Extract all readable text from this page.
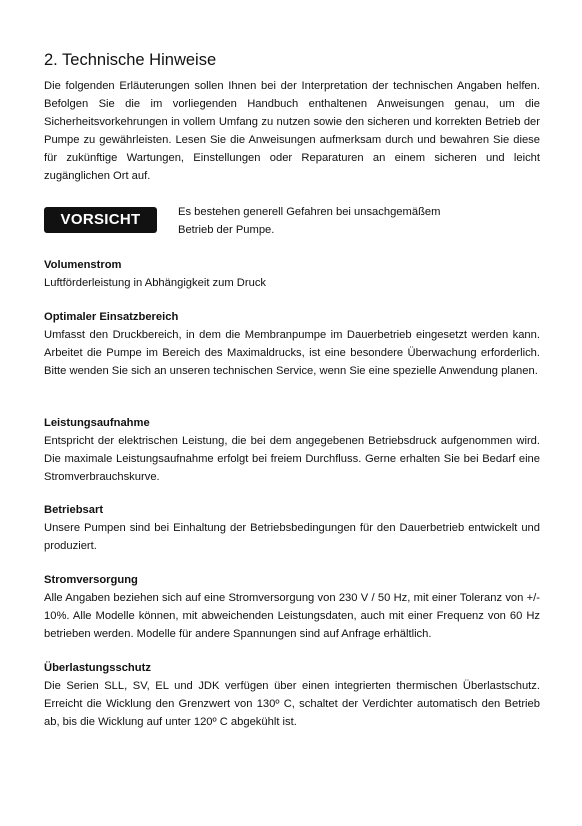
2. Technische Hinweise

Die folgenden Erläuterungen sollen Ihnen bei der Interpretation der technischen Angaben helfen. Befolgen Sie die im vorliegenden Handbuch enthaltenen Anweisungen genau, um die Sicherheitsvorkehrungen in vollem Umfang zu nutzen sowie den sicheren und korrekten Betrieb der Pumpe zu gewährleisten. Lesen Sie die Anweisungen aufmerksam durch und bewahren Sie diese für zukünftige Wartungen, Einstellungen oder Reparaturen an einem sicheren und leicht zugänglichen Ort auf.

VORSICHT	Es bestehen generell Gefahren bei unsachgemäßem
Betrieb der Pumpe.

Volumenstrom

Luftförderleistung in Abhängigkeit zum Druck

Optimaler Einsatzbereich

Umfasst den Druckbereich, in dem die Membranpumpe im Dauerbetrieb eingesetzt werden kann. Arbeitet die Pumpe im Bereich des Maximaldrucks, ist eine besondere Überwachung erforderlich. Bitte wenden Sie sich an unseren technischen Service, wenn Sie eine spezielle Anwendung planen.

Leistungsaufnahme

Entspricht der elektrischen Leistung, die bei dem angegebenen Betriebsdruck aufgenommen wird. Die maximale Leistungsaufnahme erfolgt bei freiem Durchfluss. Gerne erhalten Sie bei Bedarf eine Stromverbrauchskurve.

Betriebsart

Unsere Pumpen sind bei Einhaltung der Betriebsbedingungen für den Dauerbetrieb entwickelt und produziert.

Stromversorgung

Alle Angaben beziehen sich auf eine Stromversorgung von 230 V / 50 Hz, mit einer Toleranz von +/- 10%. Alle Modelle können, mit abweichenden Leistungsdaten, auch mit einer Frequenz von 60 Hz betrieben werden. Modelle für andere Spannungen sind auf Anfrage erhältlich.

Überlastungsschutz

Die Serien SLL, SV, EL und JDK verfügen über einen integrierten thermischen Überlastschutz. Erreicht die Wicklung den Grenzwert von 130º C, schaltet der Verdichter automatisch den Betrieb ab, bis die Wicklung auf unter 120º C abgekühlt ist.
